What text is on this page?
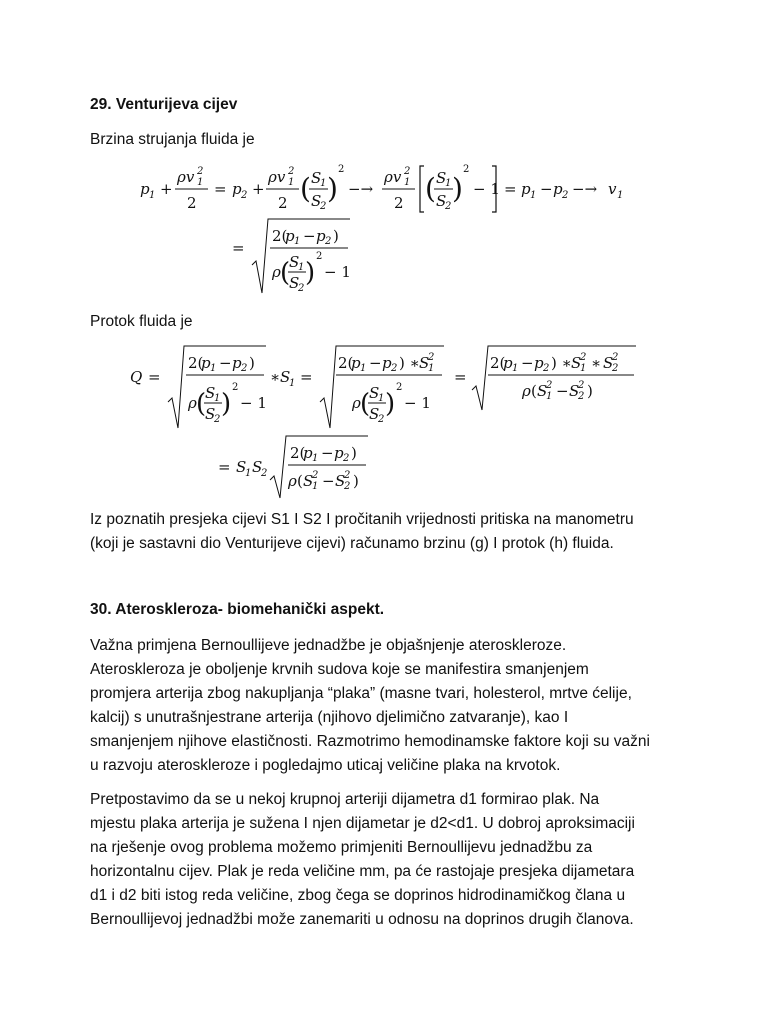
29. Venturijeva cijev
Brzina strujanja fluida je
p 1 +
ρv 1
2
2
= p 2 +
ρv 1
2
2 ( S
1
S
2
)
2
−→
ρv 1
2
2 ( S
1
S
2
)
2
− 1 = p 1 − p 2 −→ v 1
=
2(
p 1 − p 2 )
ρ (
S
1
S
2
)
2
− 1
Protok fluida je
Q =
2(
p 1 − p 2 )
ρ (
S
1
S
2
)
2
− 1
∗ S
1 =
2(
p 1 − p 2 ) ∗ S
1
2
ρ (
S
1
S
2
)
2
− 1
=
2(
p 1 − p 2 ) ∗ S
1
2 ∗ S
2
2
ρ ( S
1
2 − S
2
2 )
= S
1 S
2
2(
p 1 − p 2 )
ρ ( S
1
2 − S
2
2 )
Iz poznatih presjeka cijevi S1 I S2 I pročitanih vrijednosti pritiska na manometru
(koji je sastavni dio Venturijeve cijevi) računamo brzinu (g) I protok (h) fluida.
30. Ateroskleroza- biomehanički aspekt.
Važna primjena Bernoullijeve jednadžbe je objašnjenje ateroskleroze.
Ateroskleroza je oboljenje krvnih sudova koje se manifestira smanjenjem
promjera arterija zbog nakupljanja “plaka” (masne tvari, holesterol, mrtve ćelije,
kalcij) s unutrašnjestrane arterija (njihovo djelimično zatvaranje), kao I
smanjenjem njihove elastičnosti. Razmotrimo hemodinamske faktore koji su važni
u razvoju ateroskleroze i pogledajmo uticaj veličine plaka na krvotok.
Pretpostavimo da se u nekoj krupnoj arteriji dijametra d1 formirao plak. Na
mjestu plaka arterija je sužena I njen dijametar je d2<d1. U dobroj aproksimaciji
na rješenje ovog problema možemo primjeniti Bernoullijevu jednadžbu za
horizontalnu cijev. Plak je reda veličine mm, pa će rastojaje presjeka dijametara
d1 i d2 biti istog reda veličine, zbog čega se doprinos hidrodinamičkog člana u
Bernoullijevoj jednadžbi može zanemariti u odnosu na doprinos drugih članova.
